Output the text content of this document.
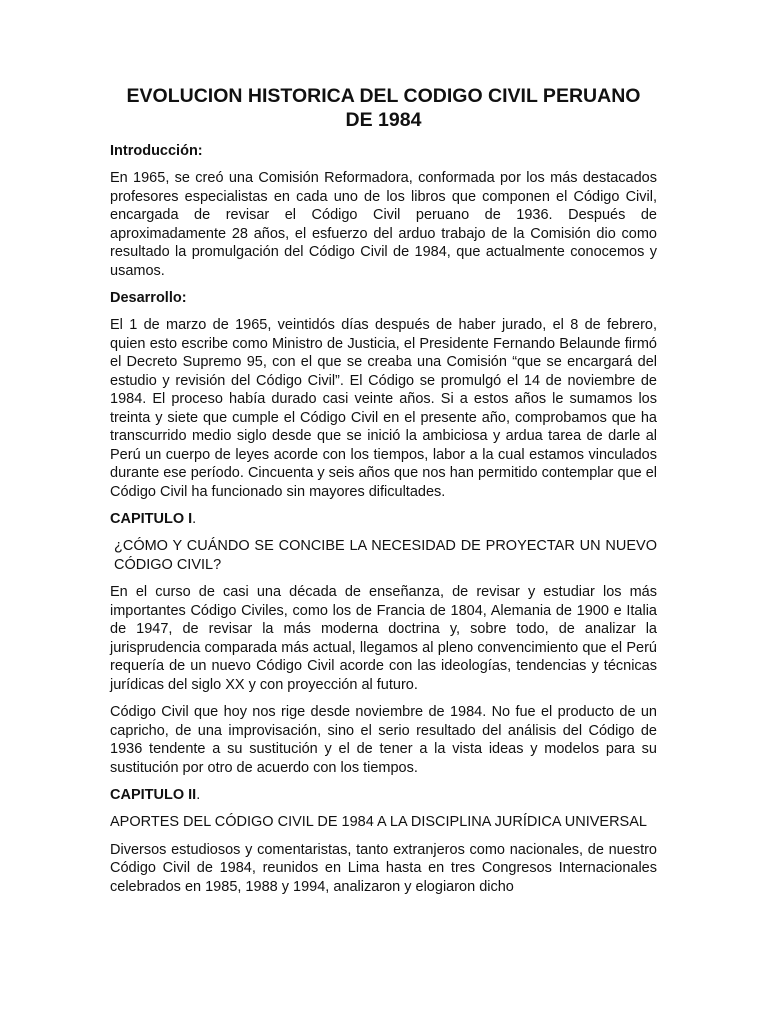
EVOLUCION HISTORICA DEL CODIGO CIVIL PERUANO
DE 1984
Introducción:

En 1965, se creó una Comisión Reformadora, conformada por los más destacados profesores especialistas en cada uno de los libros que componen el Código Civil, encargada de revisar el Código Civil peruano de 1936. Después de aproximadamente 28 años, el esfuerzo del arduo trabajo de la Comisión dio como resultado la promulgación del Código Civil de 1984, que actualmente conocemos y usamos.

Desarrollo:

El 1 de marzo de 1965, veintidós días después de haber jurado, el 8 de febrero, quien esto escribe como Ministro de Justicia, el Presidente Fernando Belaunde firmó el Decreto Supremo 95, con el que se creaba una Comisión “que se encargará del estudio y revisión del Código Civil”. El Código se promulgó el 14 de noviembre de 1984. El proceso había durado casi veinte años. Si a estos años le sumamos los treinta y siete que cumple el Código Civil en el presente año, comprobamos que ha transcurrido medio siglo desde que se inició la ambiciosa y ardua tarea de darle al Perú un cuerpo de leyes acorde con los tiempos, labor a la cual estamos vinculados durante ese período. Cincuenta y seis años que nos han permitido contemplar que el Código Civil ha funcionado sin mayores dificultades.

CAPITULO I.

¿CÓMO Y CUÁNDO SE CONCIBE LA NECESIDAD DE PROYECTAR UN NUEVO CÓDIGO CIVIL?

En el curso de casi una década de enseñanza, de revisar y estudiar los más importantes Código Civiles, como los de Francia de 1804, Alemania de 1900 e Italia de 1947, de revisar la más moderna doctrina y, sobre todo, de analizar la jurisprudencia comparada más actual, llegamos al pleno convencimiento que el Perú requería de un nuevo Código Civil acorde con las ideologías, tendencias y técnicas jurídicas del siglo XX y con proyección al futuro.

Código Civil que hoy nos rige desde noviembre de 1984. No fue el producto de un capricho, de una improvisación, sino el serio resultado del análisis del Código de 1936 tendente a su sustitución y el de tener a la vista ideas y modelos para su sustitución por otro de acuerdo con los tiempos.

CAPITULO II.

APORTES DEL CÓDIGO CIVIL DE 1984 A LA DISCIPLINA JURÍDICA UNIVERSAL

Diversos estudiosos y comentaristas, tanto extranjeros como nacionales, de nuestro Código Civil de 1984, reunidos en Lima hasta en tres Congresos Internacionales celebrados en 1985, 1988 y 1994, analizaron y elogiaron dicho
